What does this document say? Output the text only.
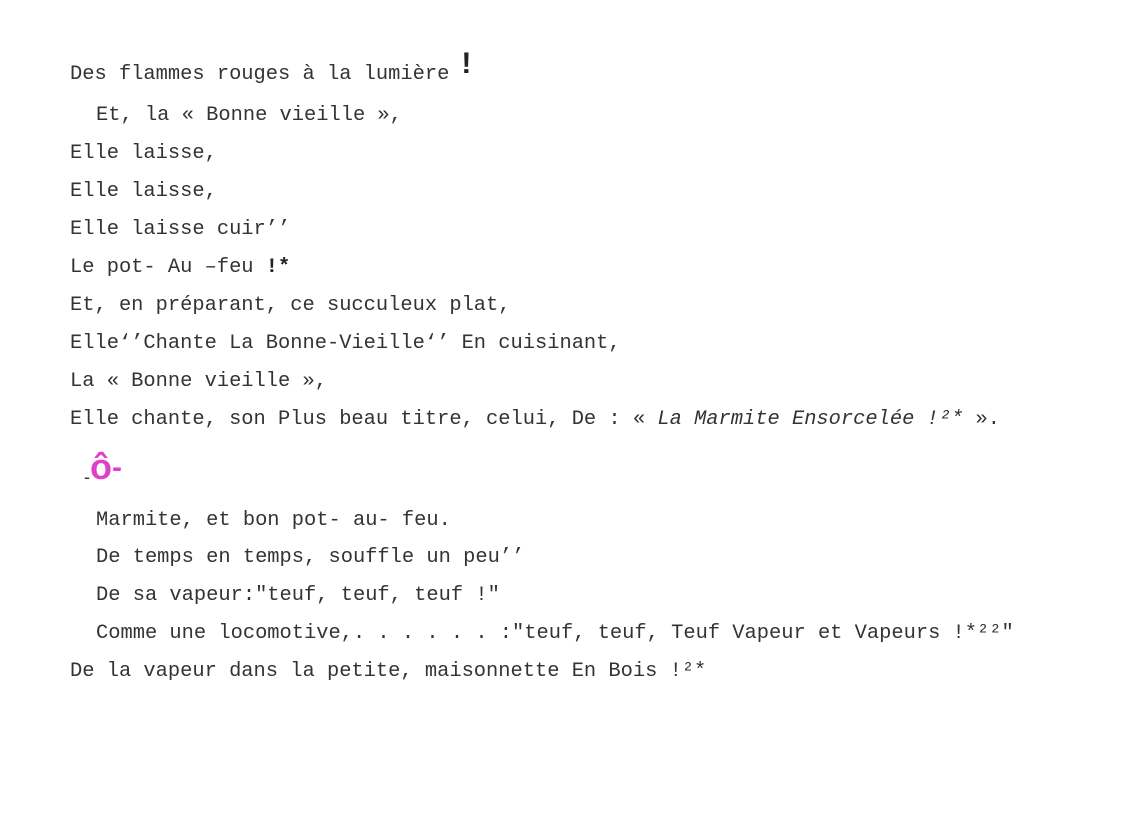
Des flammes rouges à la lumière !
Et, la « Bonne vieille »,
Elle laisse,
Elle laisse,
Elle laisse cuir’’
Le pot- Au –feu !*
Et, en préparant, ce succuleux plat,
Elle‘’Chante La Bonne-Vieille‘’ En cuisinant,
La « Bonne vieille »,
Elle chante, son Plus beau titre, celui, De : « La Marmite Ensorcelée !²* ».
-ô-
Marmite, et bon pot- au- feu.
De temps en temps, souffle un peu’’
De sa vapeur:"teuf, teuf, teuf !"
Comme une locomotive,. . . . . . :"teuf, teuf, Teuf Vapeur et Vapeurs !*²²"
De la vapeur dans la petite, maisonnette En Bois !²*
